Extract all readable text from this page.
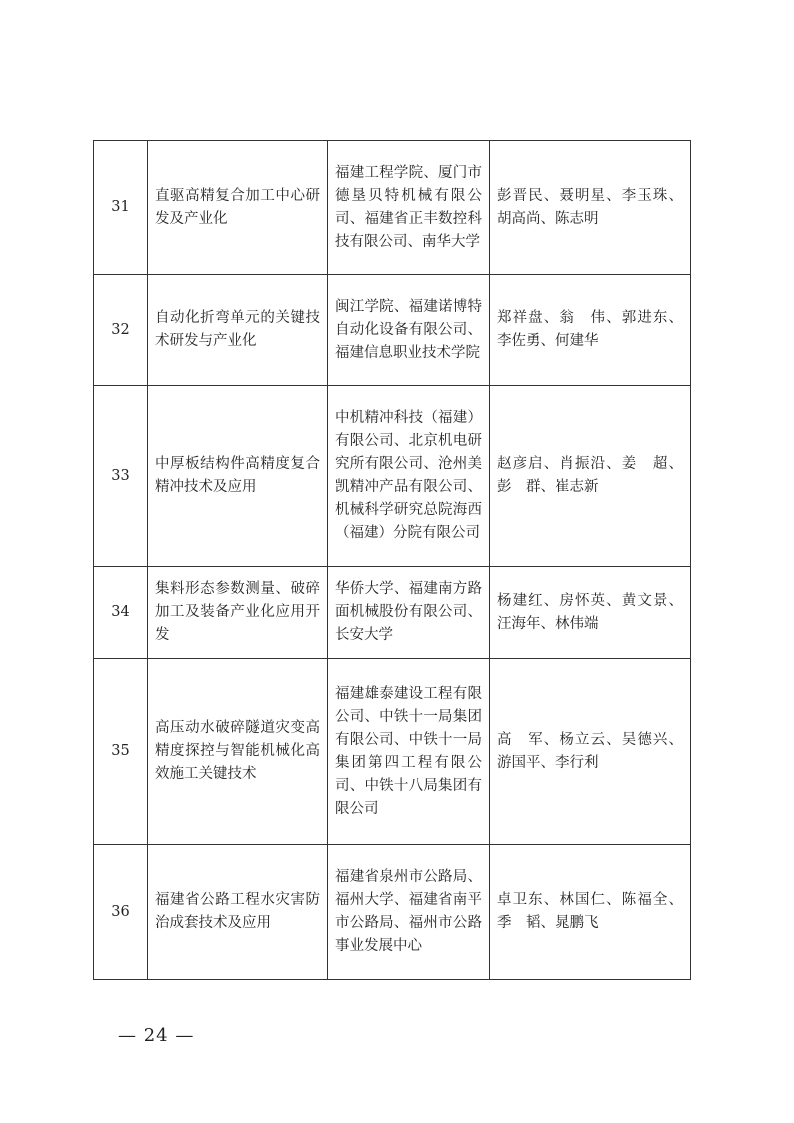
31	直驱高精复合加工中心研发及产业化	福建工程学院、厦门市德垦贝特机械有限公司、福建省正丰数控科技有限公司、南华大学	彭晋民、聂明星、李玉珠、胡高尚、陈志明
32	自动化折弯单元的关键技术研发与产业化	闽江学院、福建诺博特自动化设备有限公司、福建信息职业技术学院	郑祥盘、翁　伟、郭进东、李佐勇、何建华
33	中厚板结构件高精度复合精冲技术及应用	中机精冲科技（福建）有限公司、北京机电研究所有限公司、沧州美凯精冲产品有限公司、机械科学研究总院海西（福建）分院有限公司	赵彦启、肖振沿、姜　超、彭　群、崔志新
34	集料形态参数测量、破碎加工及装备产业化应用开发	华侨大学、福建南方路面机械股份有限公司、长安大学	杨建红、房怀英、黄文景、汪海年、林伟端
35	高压动水破碎隧道灾变高精度探控与智能机械化高效施工关键技术	福建雄泰建设工程有限公司、中铁十一局集团有限公司、中铁十一局集团第四工程有限公司、中铁十八局集团有限公司	高　军、杨立云、吴德兴、游国平、李行利
36	福建省公路工程水灾害防治成套技术及应用	福建省泉州市公路局、福州大学、福建省南平市公路局、福州市公路事业发展中心	卓卫东、林国仁、陈福全、季　韬、晁鹏飞
— 24 —
